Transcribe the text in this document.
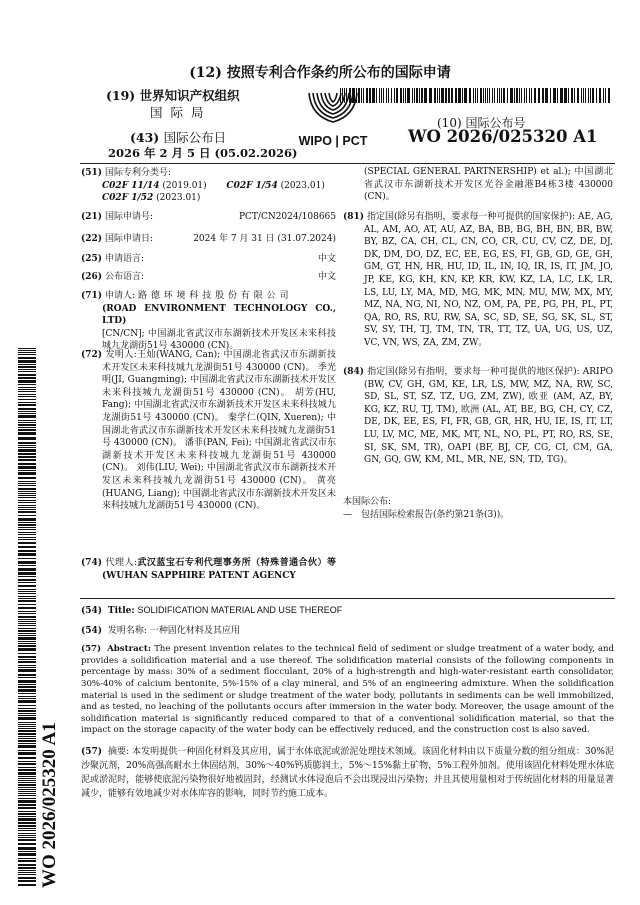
(12) 按照专利合作条约所公布的国际申请
(19) 世界知识产权组织
国际局
(43) 国际公布日
2026 年 2 月 5 日 (05.02.2026)
WIPO | PCT
(10) 国际公布号
WO 2026/025320 A1
(51) 国际专利分类号:
C02F 11/14 (2019.01) C02F 1/54 (2023.01)
C02F 1/52 (2023.01)
(21) 国际申请号:	PCT/CN2024/108665
(22) 国际申请日:	2024 年 7 月 31 日 (31.07.2024)
(25) 申请语言:	中文
(26) 公布语言:	中文
(71) 申请人: 路 德 环 境 科 技 股 份 有 限 公 司
(ROAD ENVIRONMENT TECHNOLOGY CO., LTD)
[CN/CN]; 中国湖北省武汉市东湖新技术开发区未来科技城九龙湖街51号 430000 (CN)。
(72) 发明人:王灿(WANG, Can); 中国湖北省武汉市东湖新技术开发区未来科技城九龙湖街51号 430000 (CN)。 季光明(JI, Guangming); 中国湖北省武汉市东湖新技术开发区未来科技城九龙湖街51号 430000 (CN)。 胡芳(HU, Fang); 中国湖北省武汉市东湖新技术开发区未来科技城九龙湖街51号 430000 (CN)。 秦学仁(QIN, Xueren); 中国湖北省武汉市东湖新技术开发区未来科技城九龙湖街51号 430000 (CN)。 潘菲(PAN, Fei); 中国湖北省武汉市东湖新技术开发区未来科技城九龙湖街51号 430000 (CN)。 刘伟(LIU, Wei); 中国湖北省武汉市东湖新技术开发区未来科技城九龙湖街51号 430000 (CN)。 黄亮(HUANG, Liang); 中国湖北省武汉市东湖新技术开发区未来科技城九龙湖街51号 430000 (CN)。
(74) 代理人:武汉蓝宝石专利代理事务所（特殊普通合伙）等 (WUHAN SAPPHIRE PATENT AGENCY
(SPECIAL GENERAL PARTNERSHIP) et al.); 中国湖北省武汉市东湖新技术开发区光谷金融港B4栋3楼 430000 (CN)。
(81) 指定国(除另有指明，要求每一种可提供的国家保护): AE, AG, AL, AM, AO, AT, AU, AZ, BA, BB, BG, BH, BN, BR, BW, BY, BZ, CA, CH, CL, CN, CO, CR, CU, CV, CZ, DE, DJ, DK, DM, DO, DZ, EC, EE, EG, ES, FI, GB, GD, GE, GH, GM, GT, HN, HR, HU, ID, IL, IN, IQ, IR, IS, IT, JM, JO, JP, KE, KG, KH, KN, KP, KR, KW, KZ, LA, LC, LK, LR, LS, LU, LY, MA, MD, MG, MK, MN, MU, MW, MX, MY, MZ, NA, NG, NI, NO, NZ, OM, PA, PE, PG, PH, PL, PT, QA, RO, RS, RU, RW, SA, SC, SD, SE, SG, SK, SL, ST, SV, SY, TH, TJ, TM, TN, TR, TT, TZ, UA, UG, US, UZ, VC, VN, WS, ZA, ZM, ZW。
(84) 指定国(除另有指明，要求每一种可提供的地区保护): ARIPO (BW, CV, GH, GM, KE, LR, LS, MW, MZ, NA, RW, SC, SD, SL, ST, SZ, TZ, UG, ZM, ZW), 欧亚 (AM, AZ, BY, KG, KZ, RU, TJ, TM), 欧洲 (AL, AT, BE, BG, CH, CY, CZ, DE, DK, EE, ES, FI, FR, GB, GR, HR, HU, IE, IS, IT, LT, LU, LV, MC, ME, MK, MT, NL, NO, PL, PT, RO, RS, SE, SI, SK, SM, TR), OAPI (BF, BJ, CF, CG, CI, CM, GA, GN, GQ, GW, KM, ML, MR, NE, SN, TD, TG)。
本国际公布:
—　包括国际检索报告(条约第21条(3))。
(54) Title: SOLIDIFICATION MATERIAL AND USE THEREOF
(54) 发明名称: 一种固化材料及其应用
(57) Abstract: The present invention relates to the technical field of sediment or sludge treatment of a water body, and provides a solidification material and a use thereof. The solidification material consists of the following components in percentage by mass: 30% of a sediment flocculant, 20% of a high-strength and high-water-resistant earth consolidator, 30%-40% of calcium bentonite, 5%-15% of a clay mineral, and 5% of an engineering admixture. When the solidification material is used in the sediment or sludge treatment of the water body, pollutants in sediments can be well immobilized, and as tested, no leaching of the pollutants occurs after immersion in the water body. Moreover, the usage amount of the solidification material is significantly reduced compared to that of a conventional solidification material, so that the impact on the storage capacity of the water body can be effectively reduced, and the construction cost is also saved.
(57) 摘要: 本发明提供一种固化材料及其应用，属于水体底泥或淤泥处理技术领域。该固化材料由以下质量分数的组分组成：30%泥沙聚沉剂，20%高强高耐水土体固结剂，30%～40%钙质膨润土，5%～15%黏土矿物，5%工程外加剂。使用该固化材料处理水体底泥或淤泥时，能够使底泥污染物很好地被固封，经测试水体浸泡后不会出现浸出污染物；并且其使用量相对于传统固化材料的用量显著减少，能够有效地减少对水体库容的影响，同时节约施工成本。
WO 2026/025320 A1
